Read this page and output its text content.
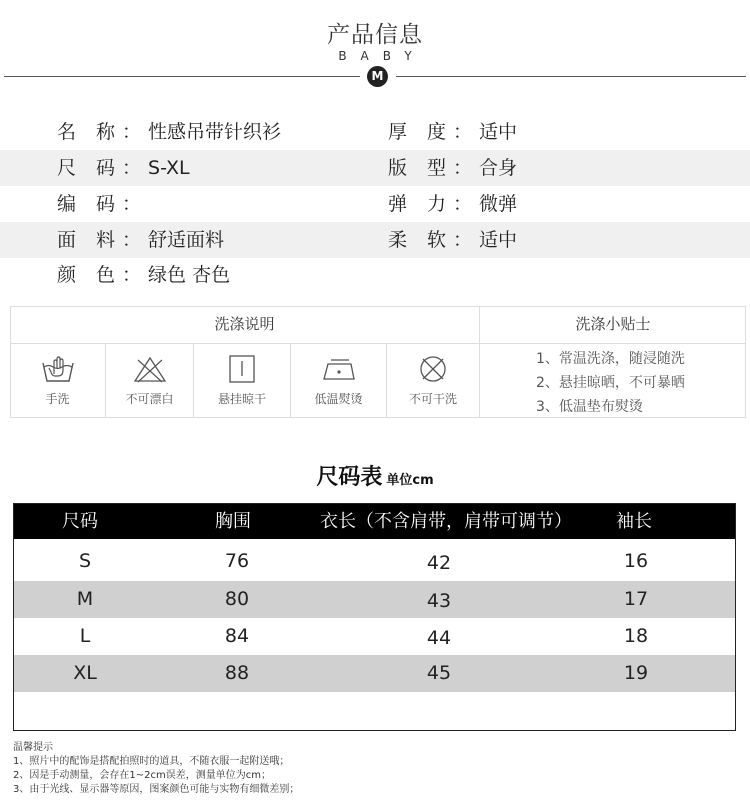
产品信息
BABY
M
名 称：性感吊带针织衫	厚 度：适中
尺 码：S-XL	版 型：合身
编 码：	弹 力：微弹
面 料：舒适面料	柔 软：适中
颜 色：绿色 杏色
洗涤说明	洗涤小贴士
手洗	不可漂白	悬挂晾干	低温熨烫	不可干洗
1、常温洗涤，随浸随洗
2、悬挂晾晒，不可暴晒
3、低温垫布熨烫
尺码表 单位cm
尺码	胸围	衣长（不含肩带，肩带可调节） 袖长
S	76	42	16
M	80	43	17
L	84	44	18
XL	88	45	19
温馨提示
1、照片中的配饰是搭配拍照时的道具，不随衣服一起附送哦；
2、因是手动测量，会存在1~2cm误差，测量单位为cm；
3、由于光线、显示器等原因，图案颜色可能与实物有细微差别；
